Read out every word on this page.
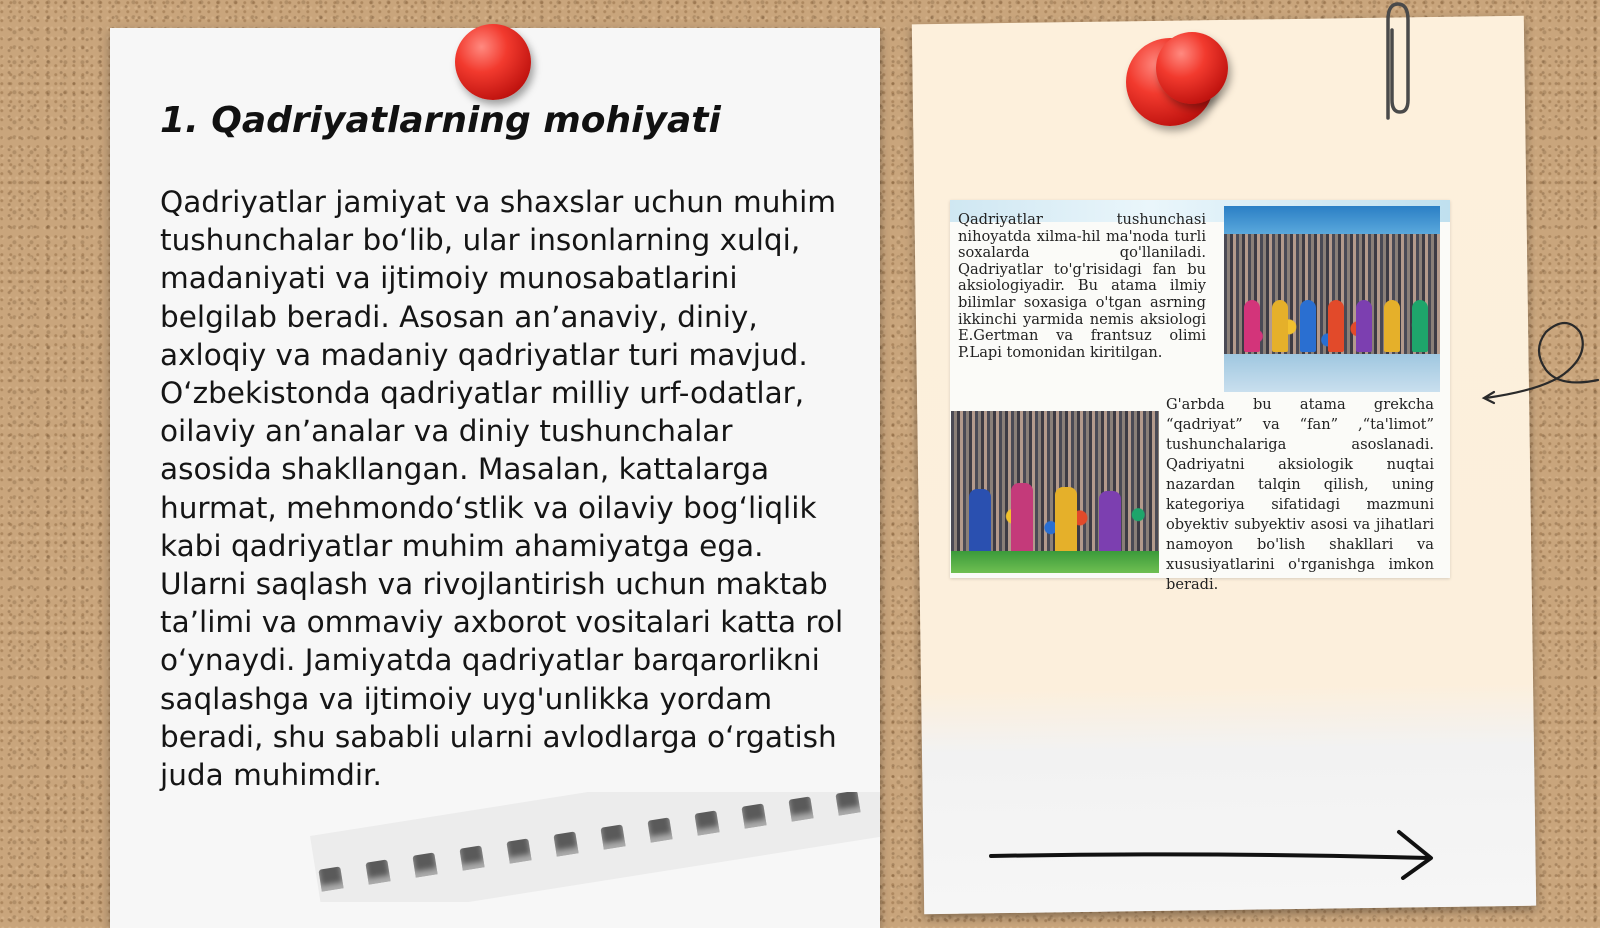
1. Qadriyatlarning mohiyati

Qadriyatlar jamiyat va shaxslar uchun muhim tushunchalar bo‘lib, ular insonlarning xulqi, madaniyati va ijtimoiy munosabatlarini belgilab beradi. Asosan an’anaviy, diniy, axloqiy va madaniy qadriyatlar turi mavjud. O‘zbekistonda qadriyatlar milliy urf-odatlar, oilaviy an’analar va diniy tushunchalar asosida shakllangan. Masalan, kattalarga hurmat, mehmondo‘stlik va oilaviy bog‘liqlik kabi qadriyatlar muhim ahamiyatga ega. Ularni saqlash va rivojlantirish uchun maktab ta’limi va ommaviy axborot vositalari katta rol o‘ynaydi. Jamiyatda qadriyatlar barqarorlikni saqlashga va ijtimoiy uyg'unlikka yordam beradi, shu sababli ularni avlodlarga o‘rgatish juda muhimdir.

Qadriyatlar tushunchasi nihoyatda xilma-hil ma'noda turli soxalarda qo'llaniladi. Qadriyatlar to'g'risidagi fan bu aksiologiyadir. Bu atama ilmiy bilimlar soxasiga o'tgan asrning ikkinchi yarmida nemis aksiologi E.Gertman va frantsuz olimi P.Lapi tomonidan kiritilgan.

G'arbda bu atama grekcha “qadriyat” va “fan” ,“ta'limot” tushunchalariga asoslanadi. Qadriyatni aksiologik nuqtai nazardan talqin qilish, uning kategoriya sifatidagi mazmuni obyektiv subyektiv asosi va jihatlari namoyon bo'lish shakllari va xususiyatlarini o'rganishga imkon beradi.
